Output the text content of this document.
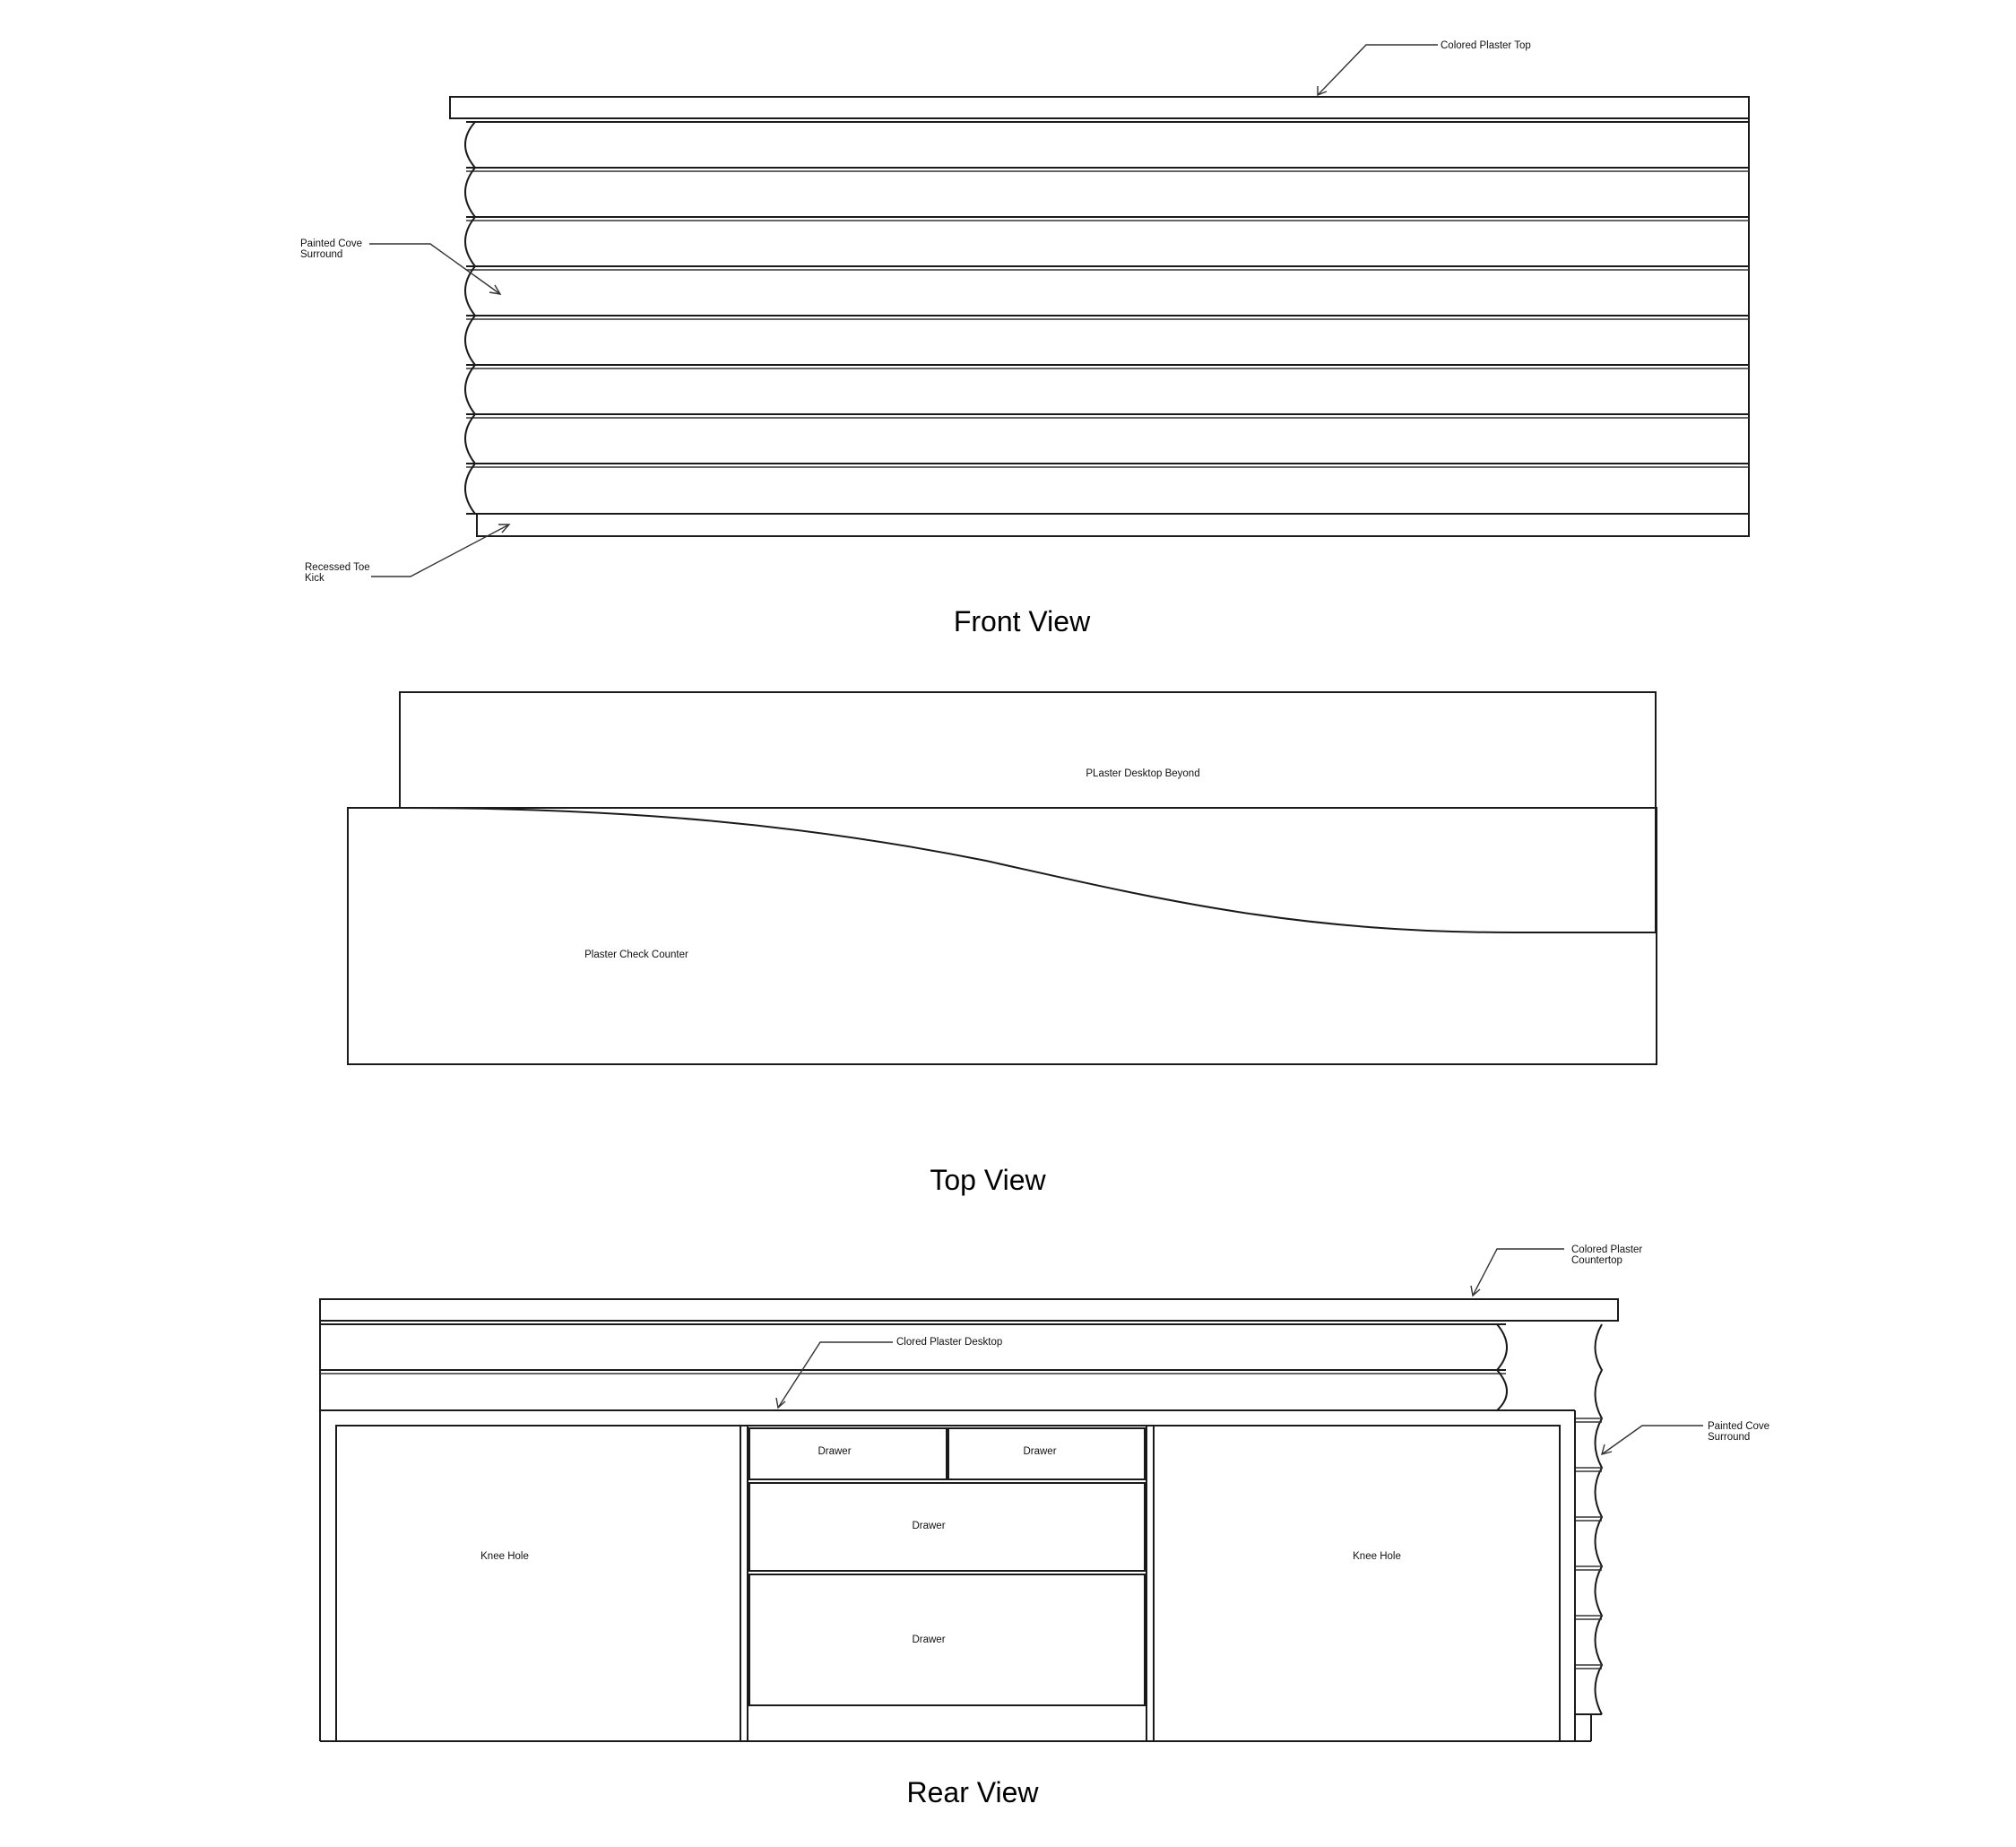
Colored Plaster Top
Painted Cove
Surround
Recessed Toe
Kick
Front View
PLaster Desktop Beyond
Plaster Check Counter
Top View
Knee Hole	Knee Hole
Drawer	Drawer
Drawer
Drawer
Colored Plaster
Countertop
Clored Plaster Desktop
Painted Cove
Surround
Rear View
